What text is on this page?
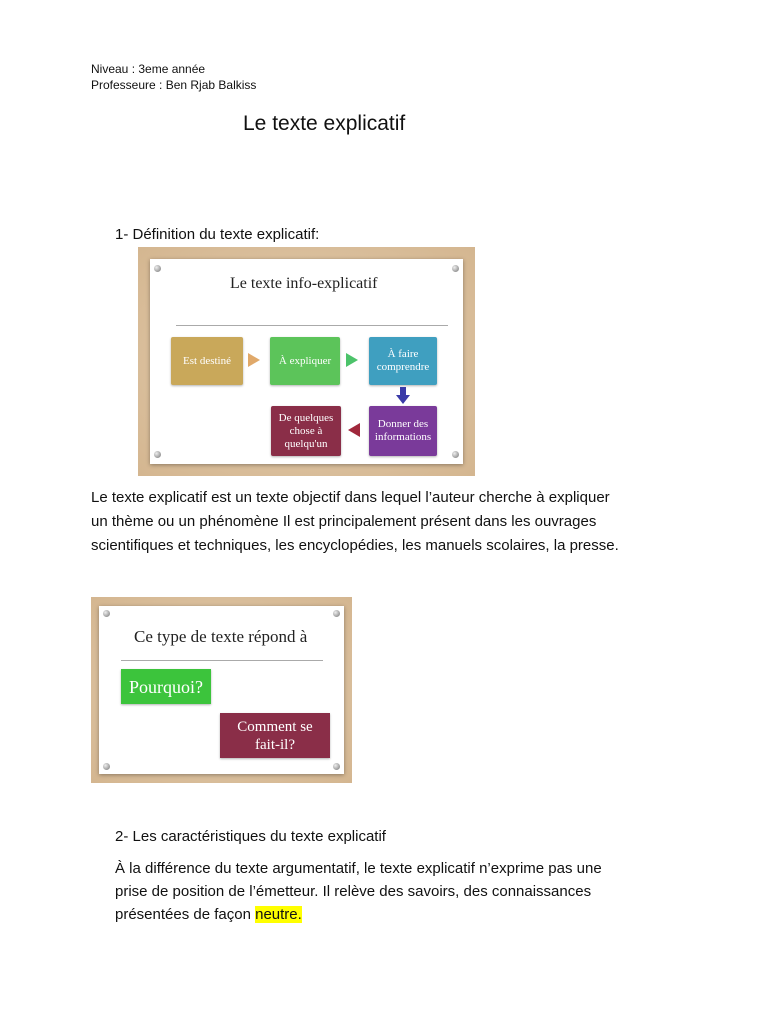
Niveau : 3eme année
Professeure : Ben Rjab Balkiss
Le texte explicatif
1- Définition du texte explicatif:
Le texte info-explicatif
Est destiné	À expliquer
À faire comprendre
Donner des informations
De quelques chose à quelqu'un
Le texte explicatif est un texte objectif dans lequel l’auteur cherche à expliquer
un thème ou un phénomène Il est principalement présent dans les ouvrages
scientifiques et techniques, les encyclopédies, les manuels scolaires, la presse.
Ce type de texte répond à
Pourquoi?
Comment se fait-il?
2- Les caractéristiques du texte explicatif
À la différence du texte argumentatif, le texte explicatif n’exprime pas une
prise de position de l’émetteur. Il relève des savoirs, des connaissances
présentées de façon neutre.
